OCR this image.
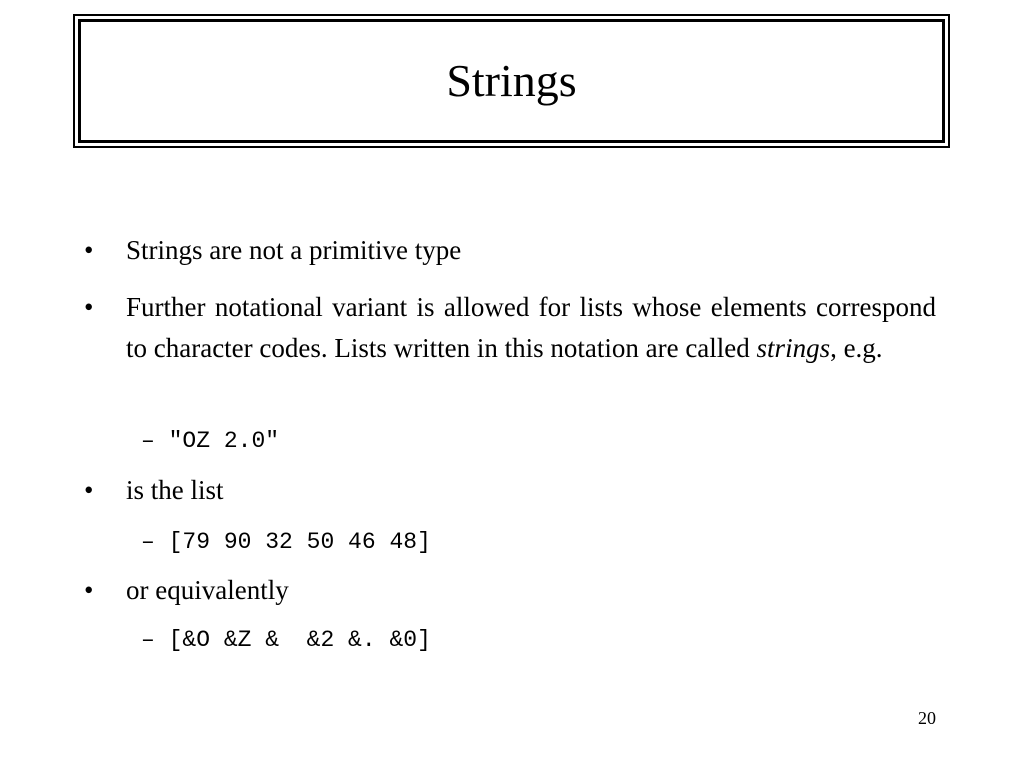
Strings
• Strings are not a primitive type
• Further notational variant is allowed for lists whose elements correspond to character codes. Lists written in this notation are called strings, e.g.
– "OZ 2.0"
• is the list
– [79 90 32 50 46 48]
• or equivalently
– [&O &Z &  &2 &. &0]
20
